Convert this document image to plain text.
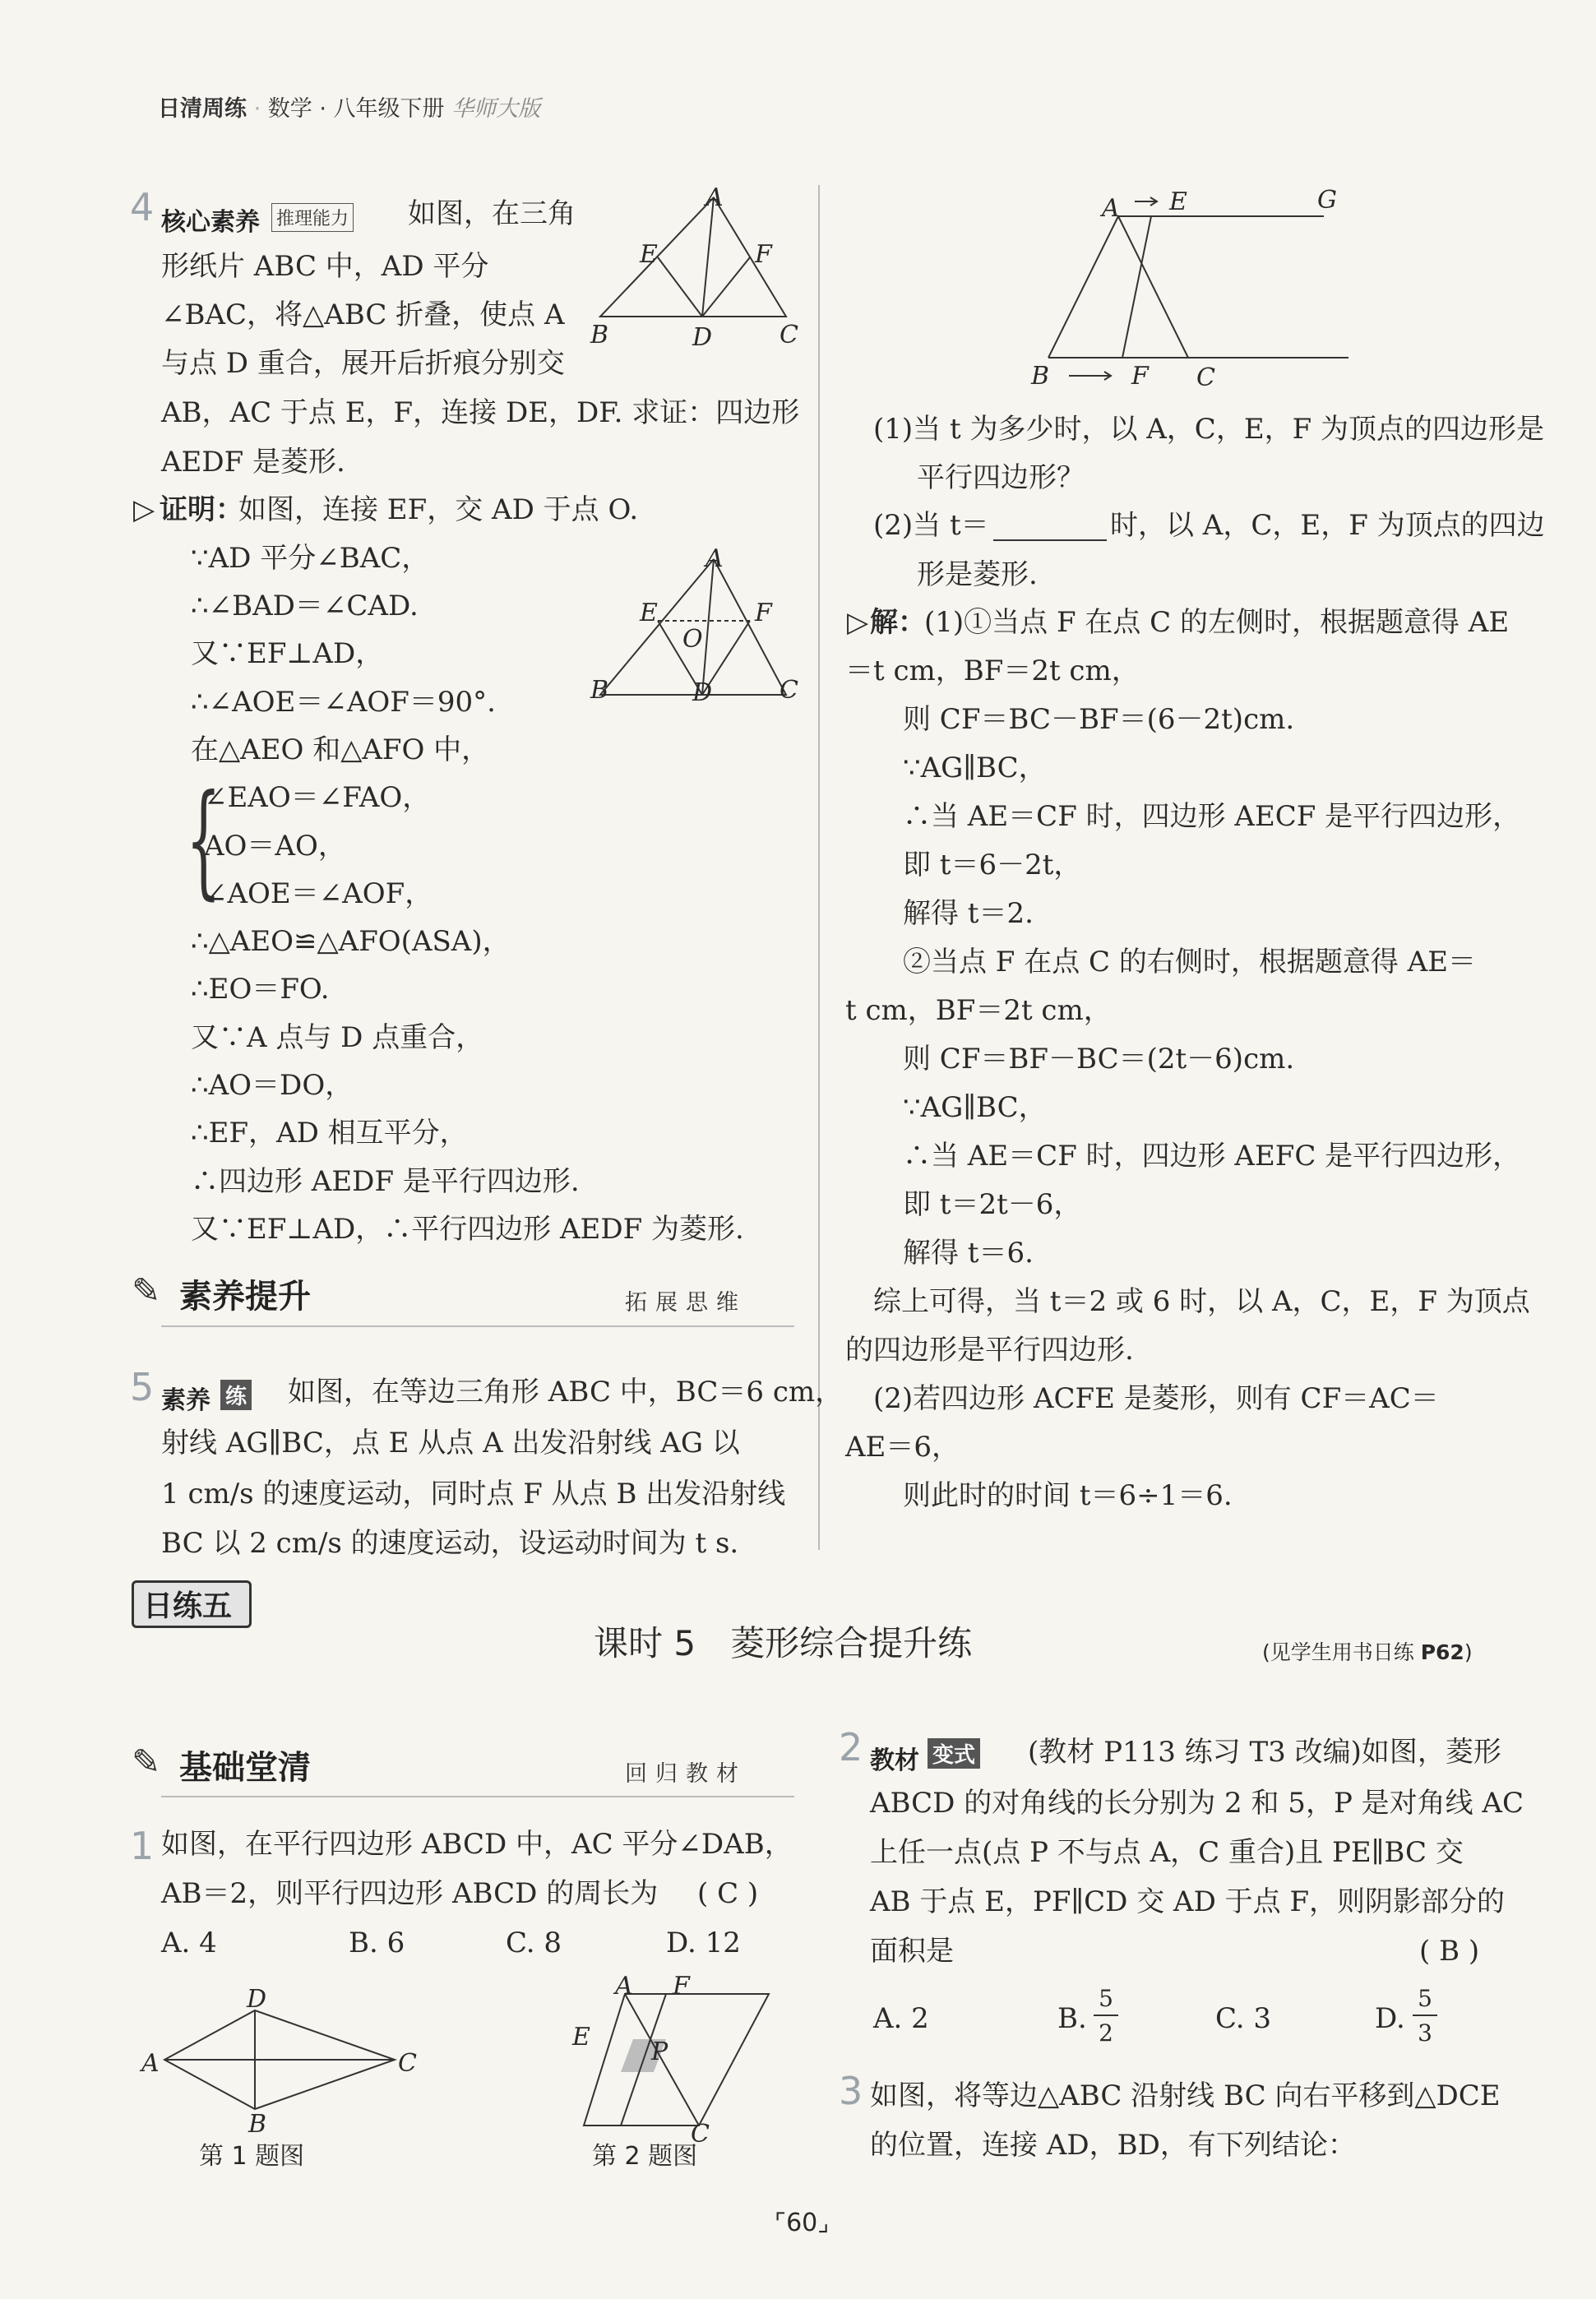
日清周练 · 数学 · 八年级下册 华师大版
4 核心素养 推理能力 如图，在三角
形纸片 ABC 中，AD 平分
∠BAC，将△ABC 折叠，使点 A
与点 D 重合，展开后折痕分别交
AB，AC 于点 E，F，连接 DE，DF. 求证：四边形
AEDF 是菱形.
A
B	C
D
E	F
▷ 证明：
如图，连接 EF，交 AD 于点 O.
∵AD 平分∠BAC，
∴∠BAD＝∠CAD.
又∵EF⊥AD，
∴∠AOE＝∠AOF＝90°.
在△AEO 和△AFO 中，
{
∠EAO＝∠FAO，
AO＝AO，
∠AOE＝∠AOF，
∴△AEO≌△AFO(ASA)，
∴EO＝FO.
又∵A 点与 D 点重合，
∴AO＝DO，
∴EF，AD 相互平分，
∴四边形 AEDF 是平行四边形.
又∵EF⊥AD，∴平行四边形 AEDF 为菱形.
A
B	C
D
E	F
O
✎ 素养提升	拓展思维
5 素养 练 如图，在等边三角形 ABC 中，BC＝6 cm，
射线 AG∥BC，点 E 从点 A 出发沿射线 AG 以
1 cm/s 的速度运动，同时点 F 从点 B 出发沿射线
BC 以 2 cm/s 的速度运动，设运动时间为 t s.
A E	G
B	F C
(1)当 t 为多少时，以 A，C，E，F 为顶点的四边形是
平行四边形？
(2)当 t＝	时，以 A，C，E，F 为顶点的四边
形是菱形.
▷ 解：
(1)①当点 F 在点 C 的左侧时，根据题意得 AE
＝t cm，BF＝2t cm，
则 CF＝BC－BF＝(6－2t)cm.
∵AG∥BC，
∴当 AE＝CF 时，四边形 AECF 是平行四边形，
即 t＝6－2t，
解得 t＝2.
②当点 F 在点 C 的右侧时，根据题意得 AE＝
t cm，BF＝2t cm，
则 CF＝BF－BC＝(2t－6)cm.
∵AG∥BC，
∴当 AE＝CF 时，四边形 AEFC 是平行四边形，
即 t＝2t－6，
解得 t＝6.
综上可得，当 t＝2 或 6 时，以 A，C，E，F 为顶点
的四边形是平行四边形.
(2)若四边形 ACFE 是菱形，则有 CF＝AC＝
AE＝6，
则此时的时间 t＝6÷1＝6.
日练五
课时 5　菱形综合提升练	(见学生用书日练 P62)
✎ 基础堂清	回归教材
1 如图，在平行四边形 ABCD 中，AC 平分∠DAB，
AB＝2，则平行四边形 ABCD 的周长为 ( C )
A. 4	B. 6	C. 8	D. 12
A
D
C
B
第 1 题图
A F
E
P
C
第 2 题图
2 教材 变式 (教材 P113 练习 T3 改编)如图，菱形
ABCD 的对角线的长分别为 2 和 5，P 是对角线 AC
上任一点(点 P 不与点 A，C 重合)且 PE∥BC 交
AB 于点 E，PF∥CD 交 AD 于点 F，则阴影部分的
面积是	( B )
A. 2	B.
5
2	C. 3	D.
5
3
3 如图，将等边△ABC 沿射线 BC 向右平移到△DCE
的位置，连接 AD，BD，有下列结论：
⌜60⌟
